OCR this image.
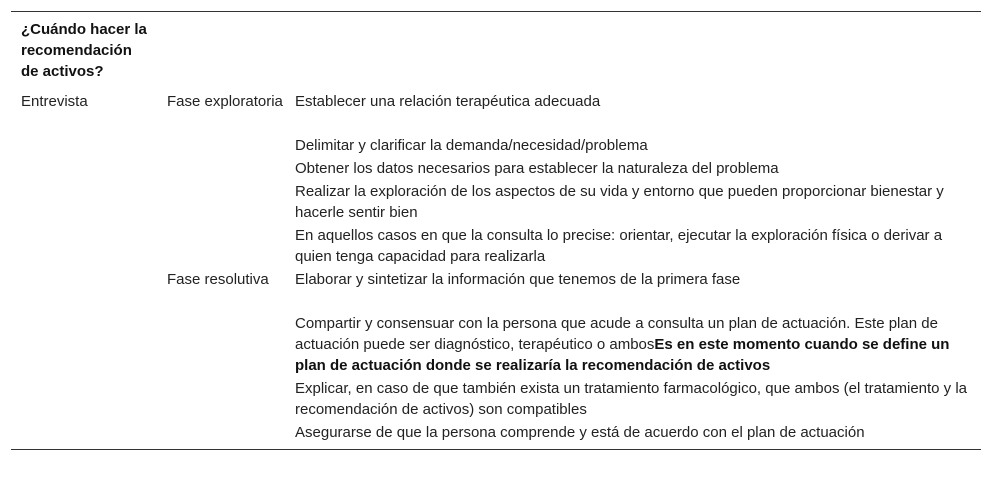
¿Cuándo hacer la recomendación de activos?		
Entrevista	Fase exploratoria	Establecer una relación terapéutica adecuada
Delimitar y clarificar la demanda/necesidad/problema
Obtener los datos necesarios para establecer la naturaleza del problema
Realizar la exploración de los aspectos de su vida y entorno que pueden proporcionar bienestar y hacerle sentir bien
En aquellos casos en que la consulta lo precise: orientar, ejecutar la exploración física o derivar a quien tenga capacidad para realizarla

	Fase resolutiva	Elaborar y sintetizar la información que tenemos de la primera fase
Compartir y consensuar con la persona que acude a consulta un plan de actuación. Este plan de actuación puede ser diagnóstico, terapéutico o ambosEs en este momento cuando se define un plan de actuación donde se realizaría la recomendación de activos
Explicar, en caso de que también exista un tratamiento farmacológico, que ambos (el tratamiento y la recomendación de activos) son compatibles
Asegurarse de que la persona comprende y está de acuerdo con el plan de actuación
